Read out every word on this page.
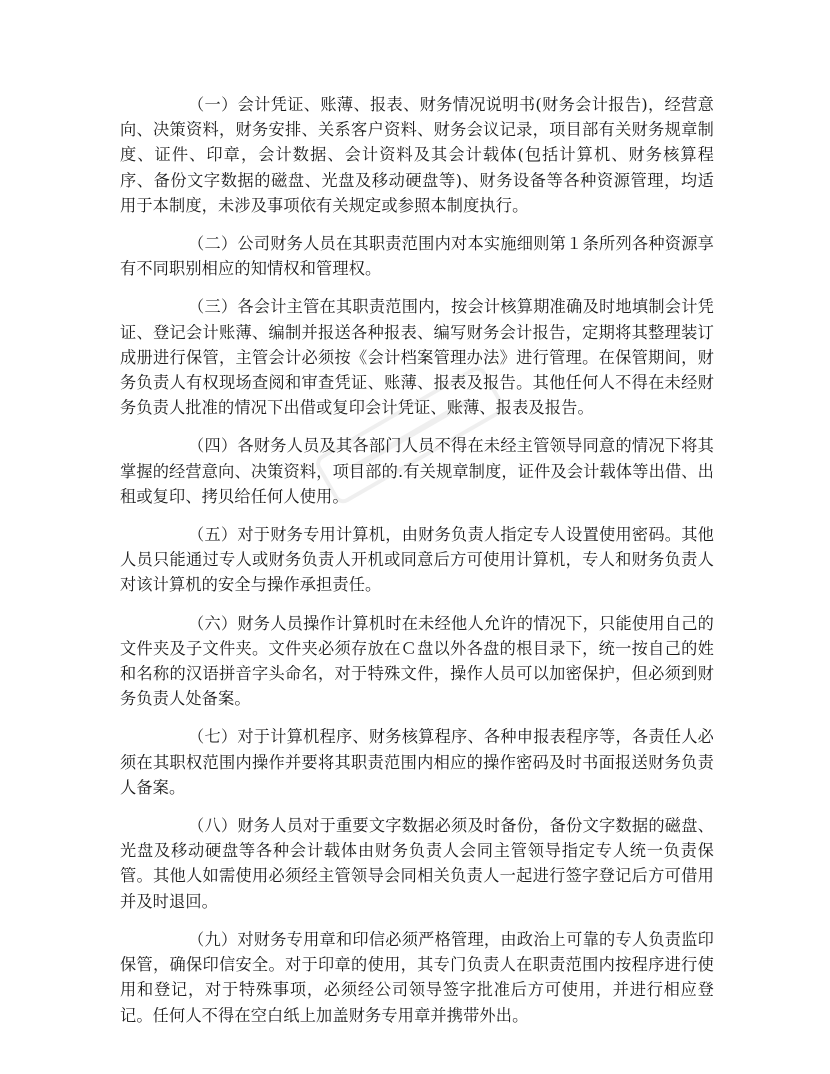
（一）会计凭证、账薄、报表、财务情况说明书(财务会计报告)，经营意向、决策资料，财务安排、关系客户资料、财务会议记录，项目部有关财务规章制度、证件、印章，会计数据、会计资料及其会计载体(包括计算机、财务核算程序、备份文字数据的磁盘、光盘及移动硬盘等)、财务设备等各种资源管理，均适用于本制度，未涉及事项依有关规定或参照本制度执行。

（二）公司财务人员在其职责范围内对本实施细则第１条所列各种资源享有不同职别相应的知情权和管理权。

（三）各会计主管在其职责范围内，按会计核算期准确及时地填制会计凭证、登记会计账薄、编制并报送各种报表、编写财务会计报告，定期将其整理装订成册进行保管，主管会计必须按《会计档案管理办法》进行管理。在保管期间，财务负责人有权现场查阅和审查凭证、账薄、报表及报告。其他任何人不得在未经财务负责人批准的情况下出借或复印会计凭证、账薄、报表及报告。

（四）各财务人员及其各部门人员不得在未经主管领导同意的情况下将其掌握的经营意向、决策资料，项目部的.有关规章制度，证件及会计载体等出借、出租或复印、拷贝给任何人使用。

（五）对于财务专用计算机，由财务负责人指定专人设置使用密码。其他人员只能通过专人或财务负责人开机或同意后方可使用计算机，专人和财务负责人对该计算机的安全与操作承担责任。

（六）财务人员操作计算机时在未经他人允许的情况下，只能使用自己的文件夹及子文件夹。文件夹必须存放在Ｃ盘以外各盘的根目录下，统一按自己的姓和名称的汉语拼音字头命名，对于特殊文件，操作人员可以加密保护，但必须到财务负责人处备案。

（七）对于计算机程序、财务核算程序、各种申报表程序等，各责任人必须在其职权范围内操作并要将其职责范围内相应的操作密码及时书面报送财务负责人备案。

（八）财务人员对于重要文字数据必须及时备份，备份文字数据的磁盘、光盘及移动硬盘等各种会计载体由财务负责人会同主管领导指定专人统一负责保管。其他人如需使用必须经主管领导会同相关负责人一起进行签字登记后方可借用并及时退回。

（九）对财务专用章和印信必须严格管理，由政治上可靠的专人负责监印保管，确保印信安全。对于印章的使用，其专门负责人在职责范围内按程序进行使用和登记，对于特殊事项，必须经公司领导签字批准后方可使用，并进行相应登记。任何人不得在空白纸上加盖财务专用章并携带外出。
